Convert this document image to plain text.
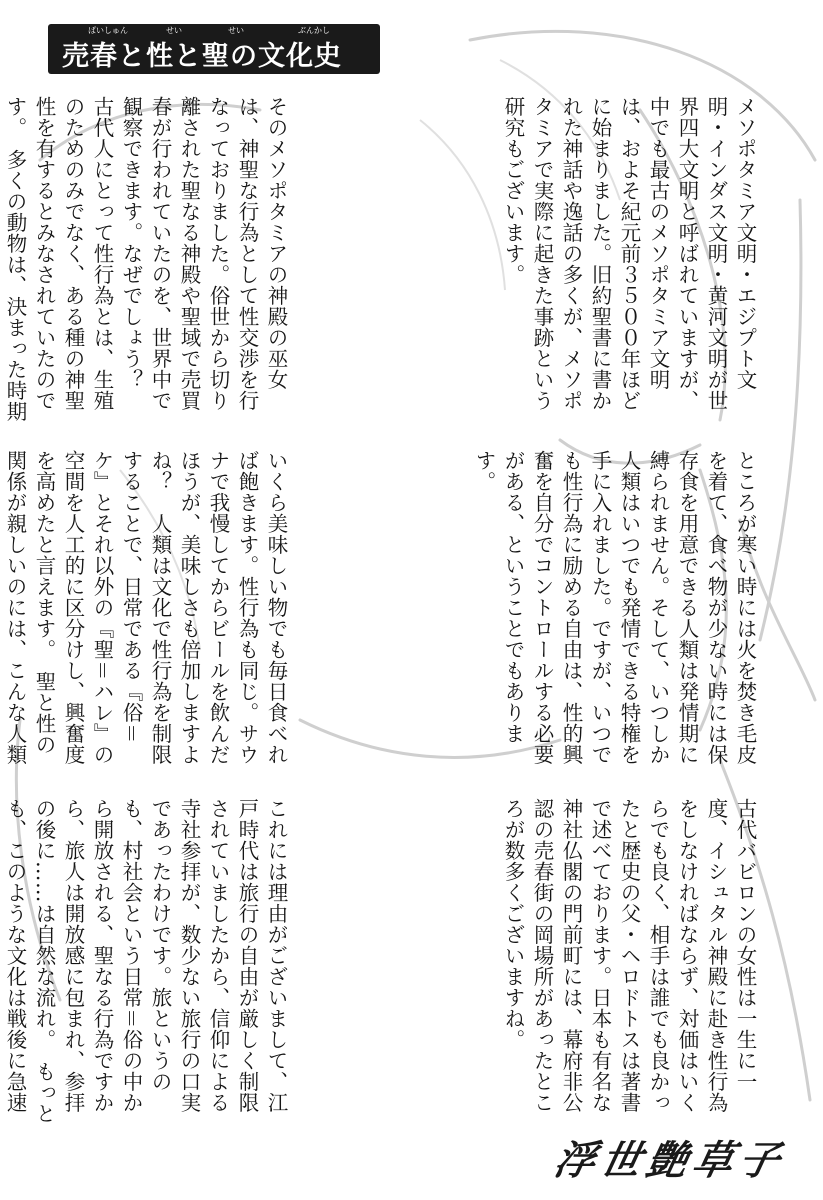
ばいしゅん	せい	せい	ぶんかし
売春と性と聖の文化史

メソポタミア文明・エジプト文明・インダス文明・黄河文明が世界四大文明と呼ばれていますが、中でも最古のメソポタミア文明は、およそ紀元前３５００年ほどに始まりました。旧約聖書に書かれた神話や逸話の多くが、メソポタミアで実際に起きた事跡という研究もございます。

そのメソポタミアの神殿の巫女は、神聖な行為として性交渉を行なっておりました。俗世から切り離された聖なる神殿や聖域で売買春が行われていたのを、世界中で観察できます。なぜでしょう？　古代人にとって性行為とは、生殖のためのみでなく、ある種の神聖性を有するとみなされていたのです。　多くの動物は、決まった時期

ところが寒い時には火を焚き毛皮を着て、食べ物が少ない時には保存食を用意できる人類は発情期に縛られません。そして、いつしか人類はいつでも発情できる特権を手に入れました。ですが、いつでも性行為に励める自由は、性的興奮を自分でコントロールする必要がある、ということでもあります。

いくら美味しい物でも毎日食べれば飽きます。性行為も同じ。サウナで我慢してからビールを飲んだほうが、美味しさも倍加しますよね？　人類は文化で性行為を制限することで、日常である『俗＝ケ』とそれ以外の『聖＝ハレ』の空間を人工的に区分けし、興奮度を高めたと言えます。　聖と性の関係が親しいのには、こんな人類

古代バビロンの女性は一生に一度、イシュタル神殿に赴き性行為をしなければならず、対価はいくらでも良く、相手は誰でも良かったと歴史の父・ヘロドトスは著書で述べております。日本も有名な神社仏閣の門前町には、幕府非公認の売春街の岡場所があったところが数多くございますね。

これには理由がございまして、江戸時代は旅行の自由が厳しく制限されていましたから、信仰による寺社参拝が、数少ない旅行の口実であったわけです。旅というのも、村社会という日常＝俗の中から開放される、聖なる行為ですから、旅人は開放感に包まれ、参拝の後に……は自然な流れ。　もっとも、このような文化は戦後に急速

浮世艶草子
